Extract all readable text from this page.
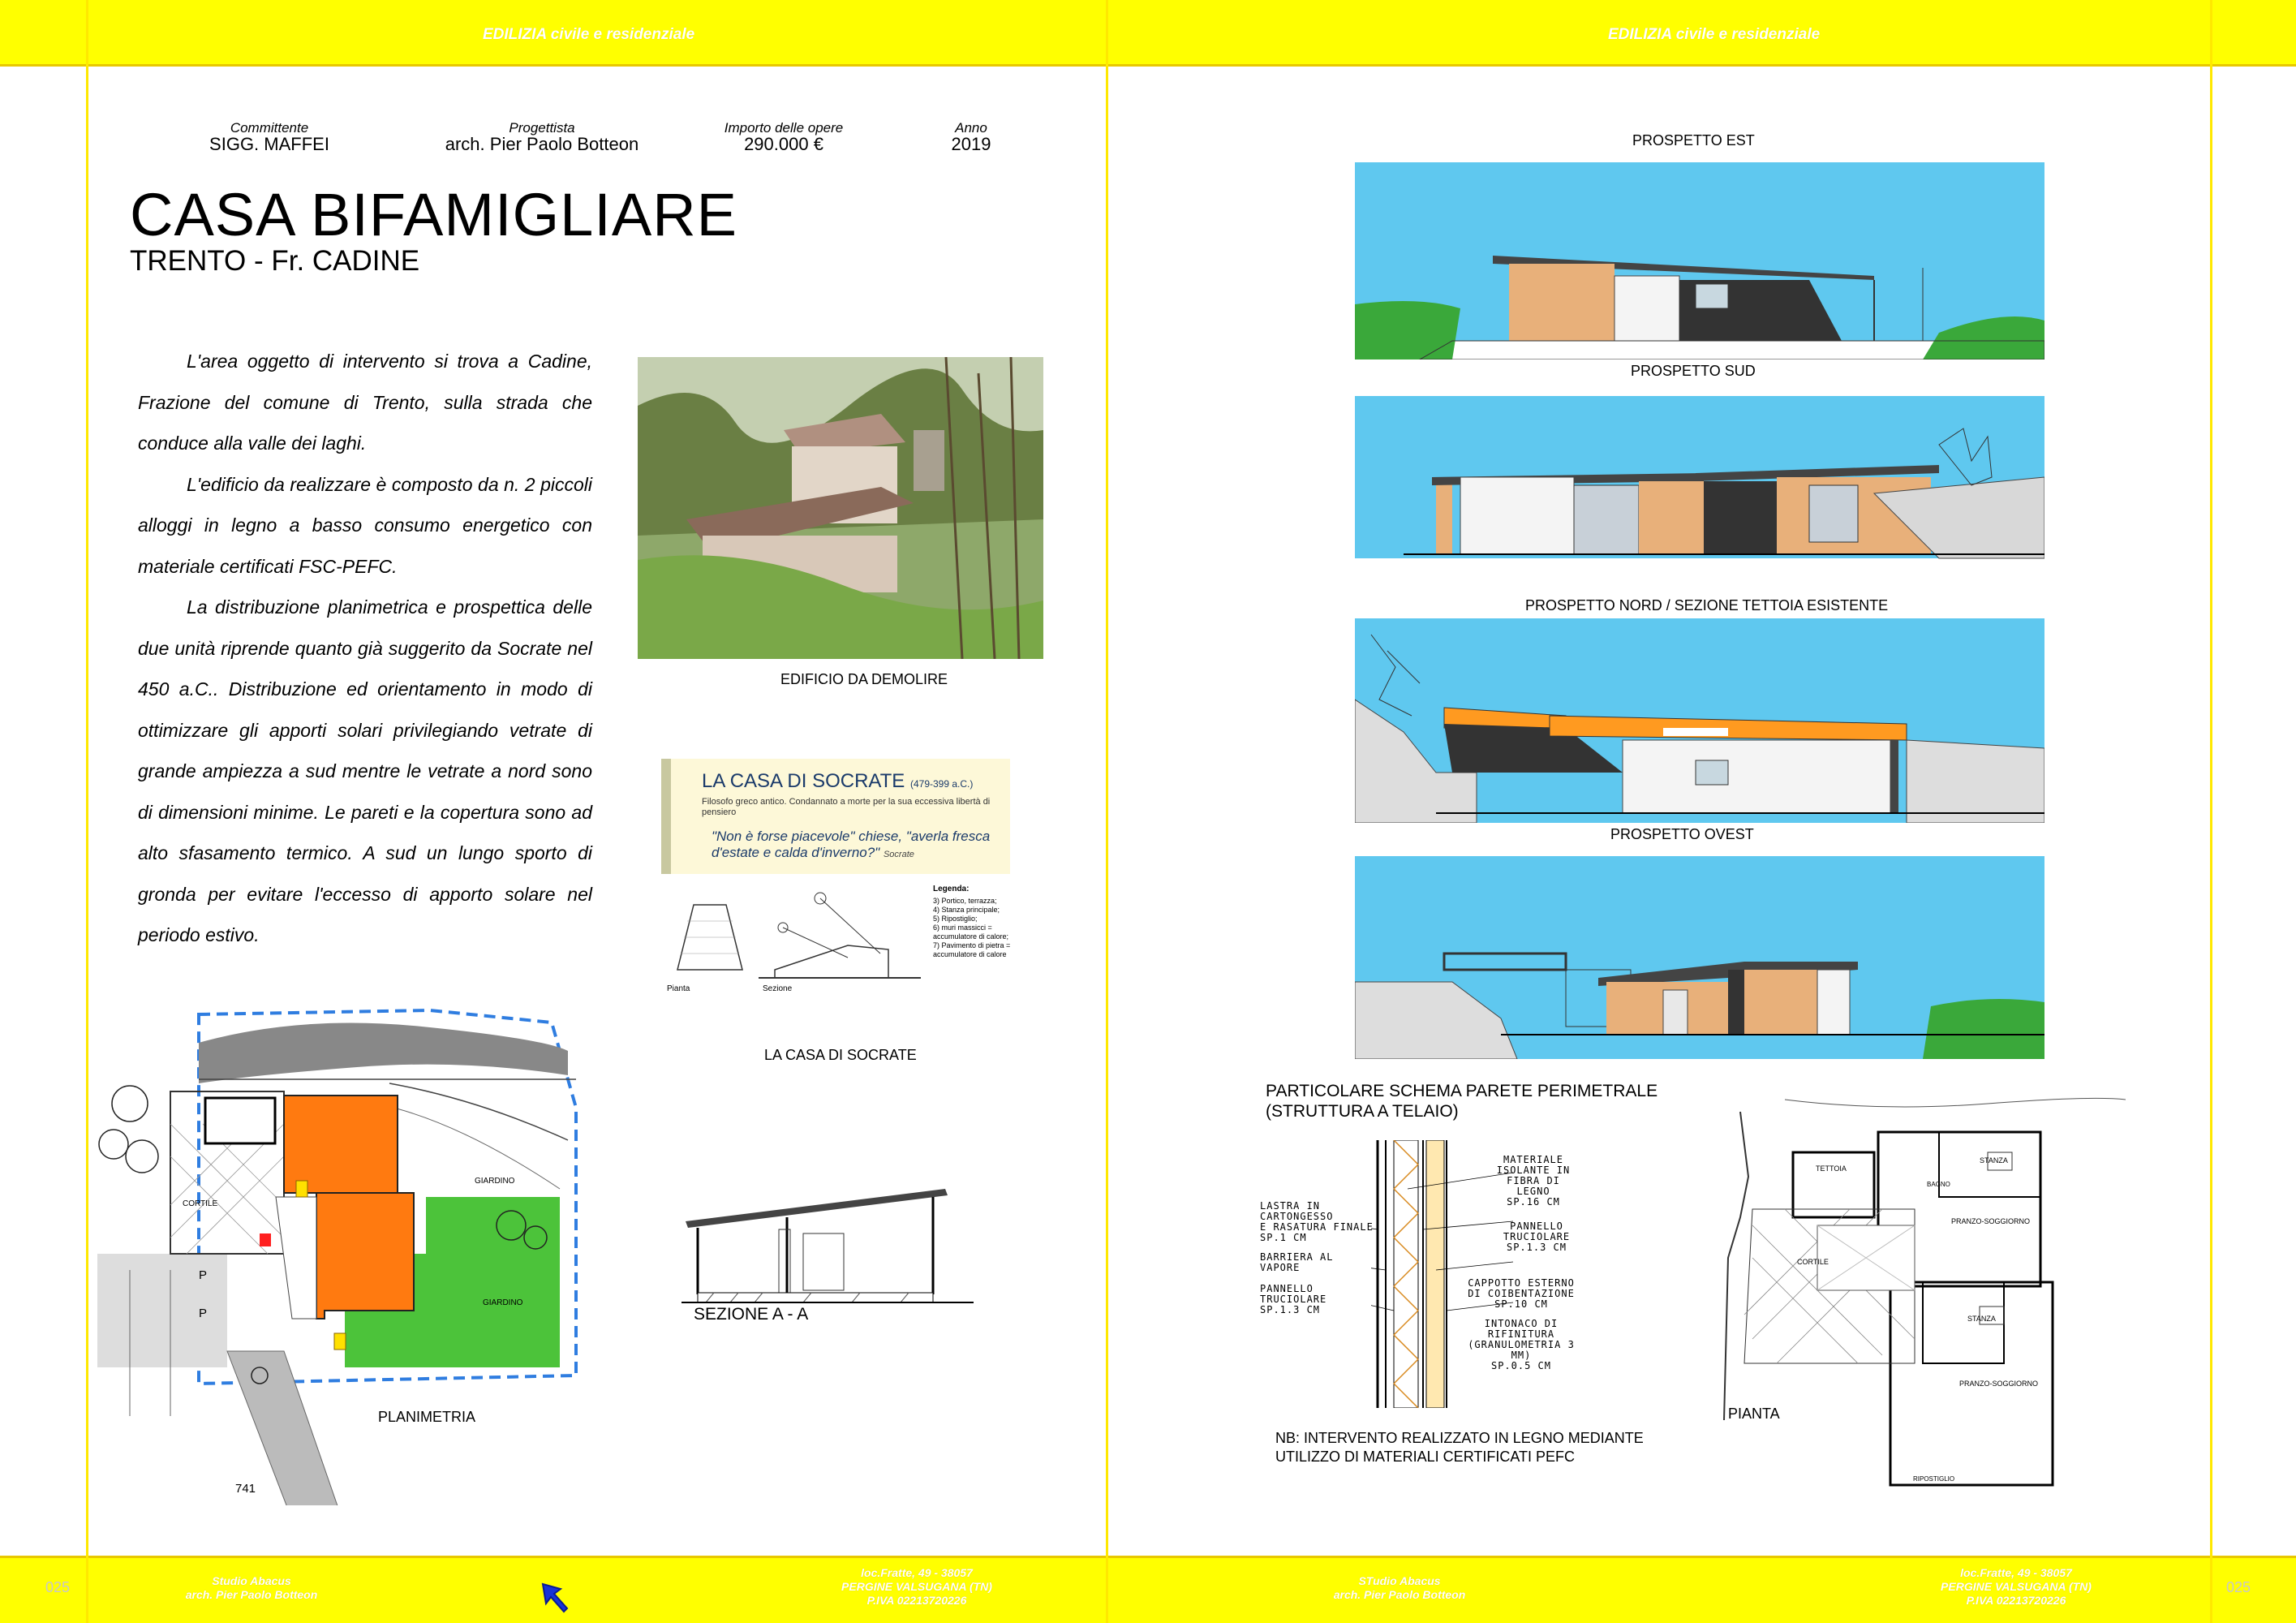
EDILIZIA civile e residenziale	EDILIZIA civile e residenziale
025	025
Studio Abacus
arch. Pier Paolo Botteon
loc.Fratte, 49 - 38057
PERGINE VALSUGANA (TN)
P.IVA 02213720226
STudio Abacus
arch. Pier Paolo Botteon
loc.Fratte, 49 - 38057
PERGINE VALSUGANA (TN)
P.IVA 02213720226
Committente
SIGG. MAFFEI
Progettista
arch. Pier Paolo Botteon
Importo delle opere
290.000 €
Anno
2019
CASA BIFAMIGLIARE
TRENTO - Fr. CADINE

L'area oggetto di intervento si trova a Cadine, Frazione del comune di Trento, sulla strada che conduce alla valle dei laghi.

L'edificio da realizzare è composto da n. 2 piccoli alloggi in legno a basso consumo energetico con materiale certificati FSC-PEFC.

La distribuzione planimetrica e prospettica delle due unità riprende quanto già suggerito da Socrate nel 450 a.C.. Distribuzione ed orientamento in modo di ottimizzare gli apporti solari privilegiando vetrate di grande ampiezza a sud mentre le vetrate a nord sono di dimensioni minime. Le pareti e la copertura sono ad alto sfasamento termico. A sud un lungo sporto di gronda per evitare l'eccesso di apporto solare nel periodo estivo.

EDIFICIO DA DEMOLIRE
LA CASA DI SOCRATE (479-399 a.C.)
Filosofo greco antico. Condannato a morte per la sua eccessiva libertà di pensiero
"Non è forse piacevole" chiese, "averla fresca d'estate e calda d'inverno?" Socrate
Pianta	Sezione
Legenda:
3) Portico, terrazza;
4) Stanza principale;
5) Ripostiglio;
6) muri massicci = accumulatore di calore;
7) Pavimento di pietra = accumulatore di calore
LA CASA DI SOCRATE
P
P
GIARDINO
GIARDINO
CORTILE
PLANIMETRIA
741
SEZIONE A - A
PROSPETTO EST
PROSPETTO SUD
PROSPETTO NORD / SEZIONE TETTOIA ESISTENTE
PROSPETTO OVEST
PARTICOLARE SCHEMA PARETE PERIMETRALE
(STRUTTURA A TELAIO)
LASTRA IN
CARTONGESSO
E RASATURA FINALE
SP.1 CM
BARRIERA AL
VAPORE
PANNELLO
TRUCIOLARE
SP.1.3 CM
MATERIALE
ISOLANTE IN
FIBRA DI
LEGNO
SP.16 CM
PANNELLO
TRUCIOLARE
SP.1.3 CM
CAPPOTTO ESTERNO
DI COIBENTAZIONE
SP.10 CM
INTONACO DI
RIFINITURA
(GRANULOMETRIA 3
MM)
SP.0.5 CM
NB: INTERVENTO REALIZZATO IN LEGNO MEDIANTE
UTILIZZO DI MATERIALI CERTIFICATI PEFC
TETTOIA
CORTILE
PRANZO-SOGGIORNO
STANZA
BAGNO
PRANZO-SOGGIORNO
STANZA
RIPOSTIGLIO
PIANTA
